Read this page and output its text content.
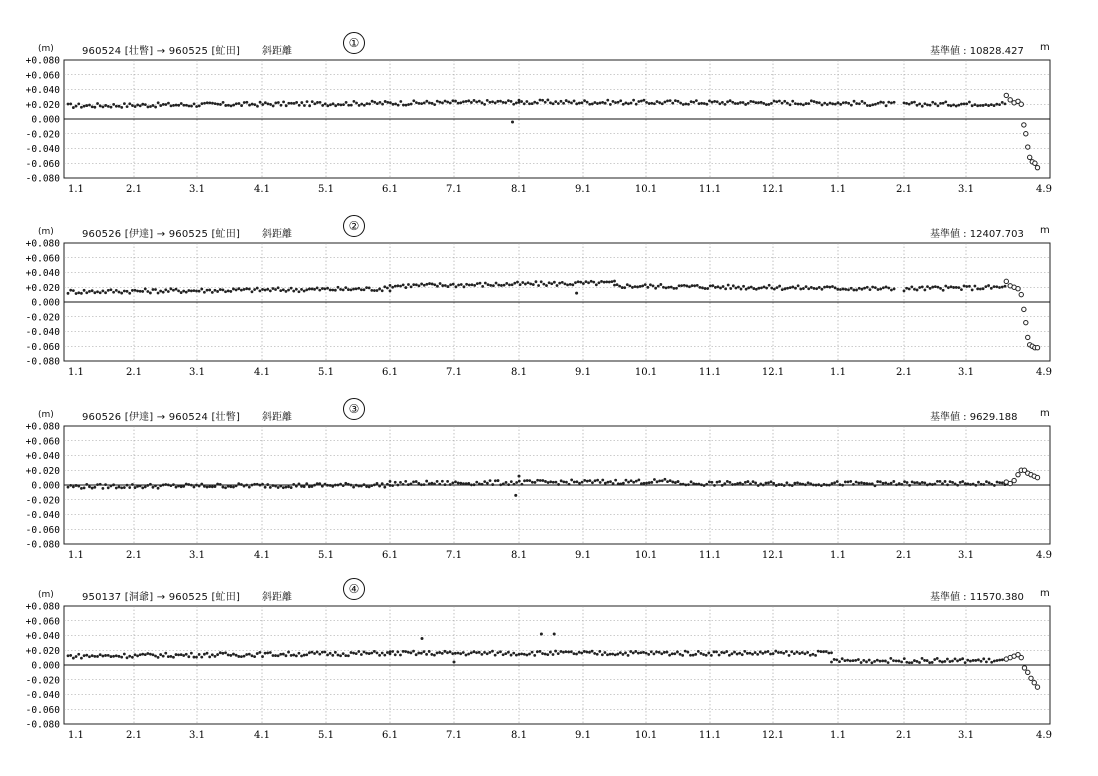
(m)	960524 [壮瞥] → 960525 [虻田] 斜距離
①
基準値 : 10828.427 m
+0.080
+0.060
+0.040
+0.020
0.000
-0.020
-0.040
-0.060
-0.080
1.1	2.1	3.1	4.1	5.1	6.1	7.1	8.1	9.1	10.1	11.1	12.1	1.1	2.1	3.1	4.9
(m)	960526 [伊達] → 960525 [虻田] 斜距離
②
基準値 : 12407.703 m
+0.080
+0.060
+0.040
+0.020
0.000
-0.020
-0.040
-0.060
-0.080
1.1	2.1	3.1	4.1	5.1	6.1	7.1	8.1	9.1	10.1	11.1	12.1	1.1	2.1	3.1	4.9
(m)	960526 [伊達] → 960524 [壮瞥] 斜距離
③
基準値 : 9629.188 m
+0.080
+0.060
+0.040
+0.020
0.000
-0.020
-0.040
-0.060
-0.080
1.1	2.1	3.1	4.1	5.1	6.1	7.1	8.1	9.1	10.1	11.1	12.1	1.1	2.1	3.1	4.9
(m)	950137 [洞爺] → 960525 [虻田] 斜距離
④
基準値 : 11570.380 m
+0.080
+0.060
+0.040
+0.020
0.000
-0.020
-0.040
-0.060
-0.080
1.1	2.1	3.1	4.1	5.1	6.1	7.1	8.1	9.1	10.1	11.1	12.1	1.1	2.1	3.1	4.9
